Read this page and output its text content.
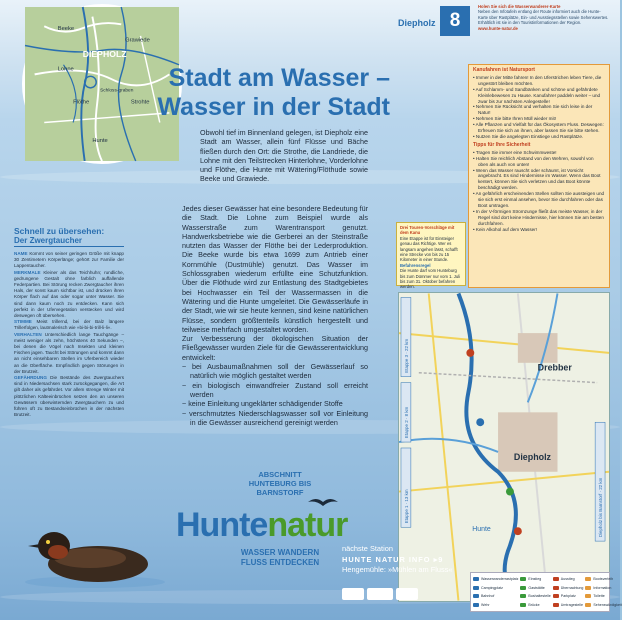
DIEPHOLZ
Beeke
Grawiede
Lohne
Flöthe
Schloss-graben
Strohte
Hunte
Stadt am Wasser –
Wasser in der Stadt
Obwohl tief im Binnenland gelegen, ist Diepholz eine Stadt am Wasser, allein fünf Flüsse und Bäche fließen durch den Ort: die Strothe, die Landriede, die Lohne mit den Teilstrecken Hinterlohne, Vorderlohne und Flöthe, die Hunte mit Wätering/Flöthude sowie Beeke und Grawiede.

Jedes dieser Gewässer hat eine besondere Bedeutung für die Stadt. Die Lohne zum Beispiel wurde als Wasserstraße zum Warentransport genutzt. Handwerksbetriebe wie die Gerberei an der Steinstraße nutzten das Wasser der Flöthe bei der Lederproduktion. Die Beeke wurde bis etwa 1699 zum Antrieb einer Kornmühle (Dustmühle) genutzt. Das Wasser im Schlossgraben wiederum erfüllte eine Schutzfunktion. Über die Flöthude wird zur Entlastung des Stadtgebietes bei Hochwasser ein Teil der Wassermassen in die Wätering und die Hunte umgeleitet. Die Gewässerläufe in der Stadt, wie wir sie heute kennen, sind keine natürlichen Flüsse, sondern größtenteils künstlich hergestellt und teilweise mehrfach umgestaltet worden.

Zur Verbesserung der ökologischen Situation der Fließgewässer wurden Ziele für die Gewässerentwicklung entwickelt:

~ bei Ausbaumaßnahmen soll der Gewässerlauf so natürlich wie möglich gestaltet werden
~ ein biologisch einwandfreier Zustand soll erreicht werden
~ keine Einleitung ungeklärter schädigender Stoffe
~ verschmutztes Niederschlagswasser soll vor Einleitung in die Gewässer ausreichend gereinigt werden
Schnell zu übersehen:
Der Zwergtaucher
NAME Kommt von seiner geringen Größe mit knapp 30 Zentimetern Körperlänge; gehört zur Familie der Lappentaucher.
MERKMALE Kleiner als das Teichhuhn; rundliche, gedrungene Gestalt ohne farblich auffallende Federpartien. Bei Störung recken Zwergtaucher ihren Hals, der sonst kaum sichtbar ist, und drücken ihren Körper flach auf das oder sogar unter Wasser. Sie sind dann kaum noch zu entdecken. Kann sich perfekt in der Ufervegetation verstecken und wird deswegen oft übersehen.
STIMME Meist trillernd, bei der Balz längere Trillerfolgen, lautmalerisch wie »bi-bi-bi-trill-li-li«.
VERHALTEN Unterschiedlich lange Tauchgänge – meist weniger als zehn, höchstens 40 Sekunden –, bei denen die Vögel nach Insekten und kleinen Fischen jagen. Taucht bei Störungen und kommt dann an nicht einsehbaren Stellen im Uferbereich wieder an die Oberfläche. Empfindlich gegen Störungen in der Brutzeit.
GEFÄHRDUNG Die Bestände des Zwergtauchers sind in Niedersachsen stark zurückgegangen, die Art gilt daher als gefährdet. Vor allem strenge Winter mit plötzlichen Kälteeinbrüchen setzen den an unseren Gewässern überwinternden Zwergtauchern zu und führen oft zu Bestandseinbrüchen in der nächsten Brutzeit.
Diepholz 8
Holen Sie sich die Wasserwanderer-Karte
Neben den Infotafeln entlang der Route informiert auch die Hunte-Karte über Rastplätze, Ein- und Ausstiegsstellen sowie Sehenswertes. Erhältlich ist sie in den Touristinformationen der Region.
www.hunte-natur.de
Kanufahren ist Natursport
• Immer in der Mitte fahren! In den Uferstrichen leben Tiere, die ungestört bleiben möchten.
• Auf Schlamm- und Sandbänken und schöne und gefährdete Kleinlebewesen zu Hause. Kanufahrer paddeln weiter – und zwar bis zur nächsten Anlegestelle!
• Nehmen Sie Rücksicht und verhalten Sie sich leise in der Natur!
• Nehmen Sie bitte Ihren Müll wieder mit!
• Alle Pflanzen und Vielfalt für das Ökosystem Fluss. Deswegen: Erfreuen Sie sich an ihnen, aber lassen Sie sie bitte stehen.
• Nutzen Sie die angelegten Einstiege und Rastplätze.
Tipps für Ihre Sicherheit
• Tragen Sie immer eine Schwimmweste!
• Halten Sie reichlich Abstand von den Wehren, sowohl von oben als auch von unten!
• Wenn das Wasser rauscht oder schäumt, ist Vorsicht angebracht. Es sind Hindernisse im Wasser. Wenn das Boot kentert, können Sie sich verletzen und das Boot könnte beschädigt werden.
• An gefährlich erscheinenden Stellen sollten Sie aussteigen und sie sich erst einmal ansehen, bevor Sie durchfahren oder das Boot umtragen.
• In der V-förmigen Stromzunge fließt das meiste Wasser, in der Regel sind dort keine Hindernisse, hier können Sie am besten durchfahren.
• Kein Alkohol auf dem Wasser!
Drei Touren-Vorschläge mit dem Kanu
Eine Etappe ist für Einsteiger genau das Richtige. Wer es langsam angehen lässt, schafft eine Strecke von bis zu 15 Kilometer in einer Stunde.
Befahrensregel
Die Hunte darf vom Hunteburg bis zum Dümmer nur vom 1. Juli bis zum 31. Oktober befahren werden.
Drebber
Diepholz
Hunte
Etappe 3 · 22 km
Etappe 2 · 8 km
Etappe 1 · 13 km	Diepholz bis Barnstorf · 22 km
Wasserwanderrastplatz	Einstieg	Ausstieg	Bootsverleih
Campingplatz	Gaststätte	Übernachtung	Information
Bahnhof	Bushaltestelle	Parkplatz	Toilette
Wehr	Brücke	Umtragestelle	Sehenswürdigkeit
ABSCHNITT
HUNTEBURG BIS
BARNSTORF
Huntenatur
WASSER WANDERN
FLUSS ENTDECKEN
nächste Station
HUNTE NATUR INFO ▸9
Hengemühle: »Mühlen am Fluss«
